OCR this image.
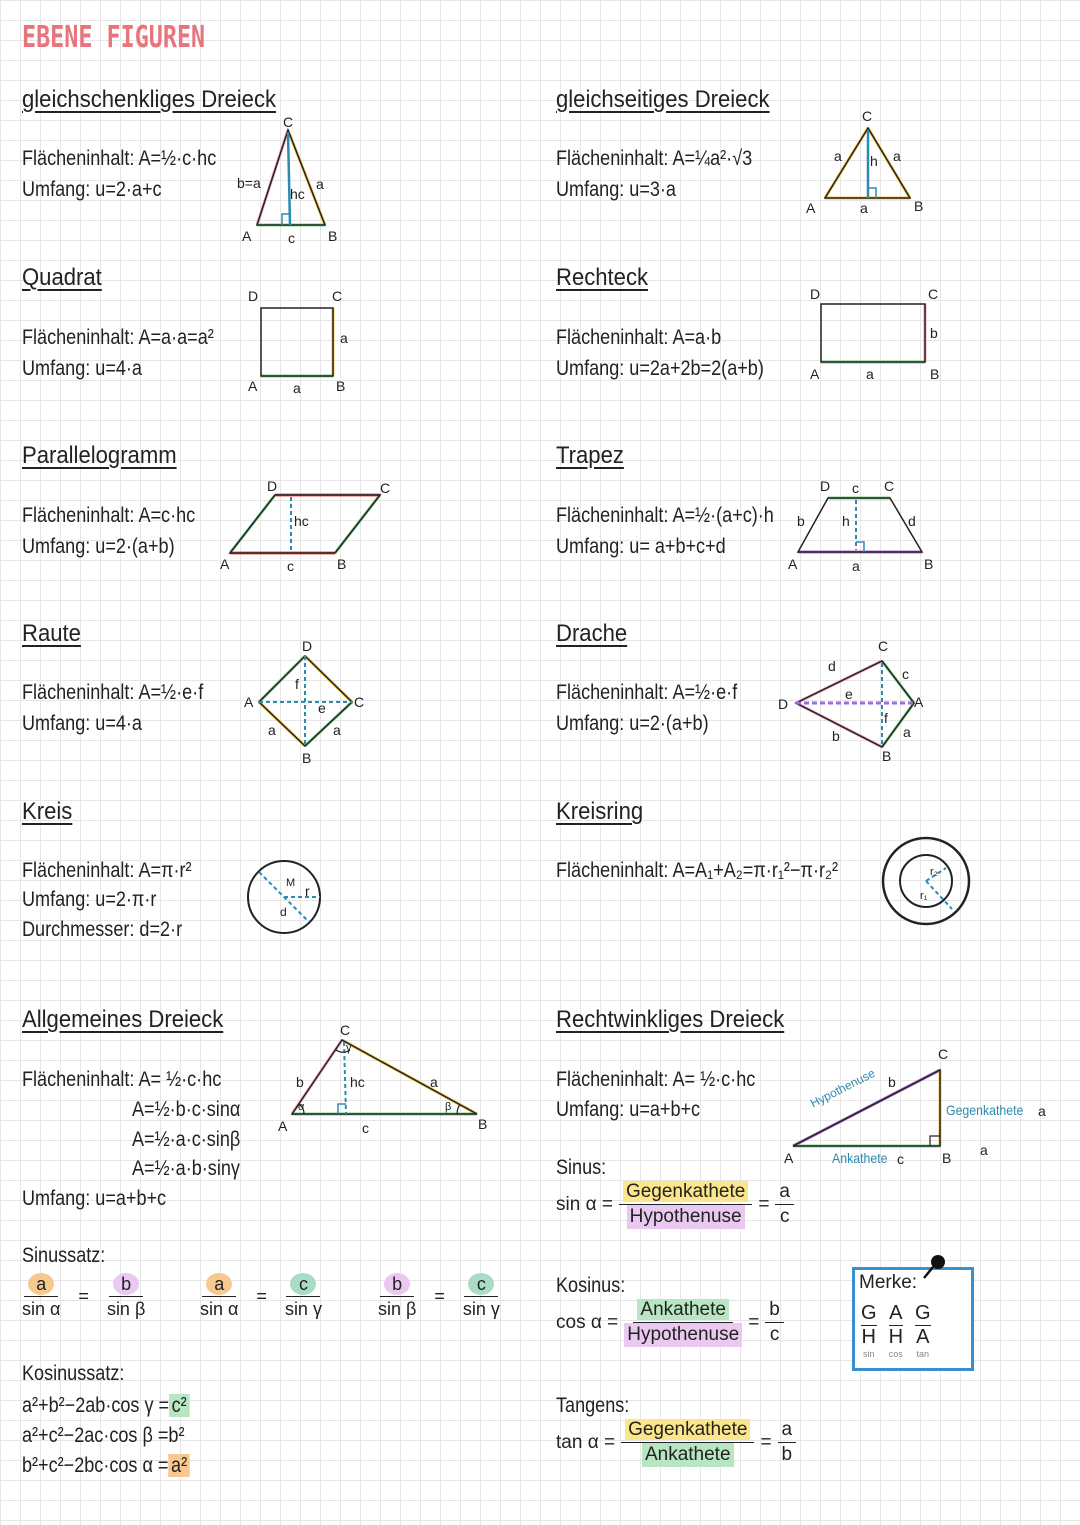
EBENE FIGUREN
gleichschenkliges Dreieck
Flächeninhalt: A=½·c·hc
Umfang: u=2·a+c
C
b=a
hc
a
A	c B
gleichseitiges Dreieck
Flächeninhalt: A=¼a²·√3
Umfang: u=3·a
C
a h a
A	a	B
Quadrat
Flächeninhalt: A=a·a=a²
Umfang: u=4·a
D	C
a
A	a	B
Rechteck
Flächeninhalt: A=a·b
Umfang: u=2a+2b=2(a+b)
D	C
b
A	a	B
Parallelogramm
Flächeninhalt: A=c·hc
Umfang: u=2·(a+b)
D	C
hc
A	c	B
Trapez
Flächeninhalt: A=½·(a+c)·h
Umfang: u= a+b+c+d
D c C
b	h	d
A	a	B
Raute
Flächeninhalt: A=½·e·f
Umfang: u=4·a
D
A
f
e C
a	a
B
Drache
Flächeninhalt: A=½·e·f
Umfang: u=2·(a+b)
C
d	c
e
D	A
f
b	a
B
Kreis
Flächeninhalt: A=π·r²
Umfang: u=2·π·r
Durchmesser: d=2·r
M r
d
Kreisring
Flächeninhalt: A=A₁+A₂=π·r₁²−π·r₂²	r₂
r₁
Allgemeines Dreieck
Flächeninhalt: A= ½·c·hc
A=½·b·c·sinα
A=½·a·c·sinβ
A=½·a·b·sinγ
Umfang: u=a+b+c
C
γ
b	hc	a
α	β
A	c	B
Sinussatz:
$\frac{a}{\text{sin α}} = \frac{b}{\text{sin β}}$	$\frac{a}{\text{sin α}} = \frac{c}{\text{sin γ}}$	$\frac{b}{\text{sin β}} = \frac{c}{\text{sin γ}}$
Kosinussatz:
a²+b²−2ab·cos γ = c²
a²+c²−2ac·cos β =b²
b²+c²−2bc·cos α = a²
Rechtwinkliges Dreieck
Flächeninhalt: A= ½·c·hc
Umfang: u=a+b+c
C
Hypothenuse b
Gegenkathete a
a
A	Ankathete c	B
Sinus:
$\sin \alpha = \frac{\text{Gegenkathete}}{\text{Hypothenuse}} = \frac{a}{c}$
Kosinus:
$\cos \alpha = \frac{\text{Ankathete}}{\text{Hypothenuse}} = \frac{b}{c}$
Tangens:
$\tan \alpha = \frac{\text{Gegenkathete}}{\text{Ankathete}} = \frac{a}{b}$
Merke:
G
H
sin
A
H
cos
G
A
tan
